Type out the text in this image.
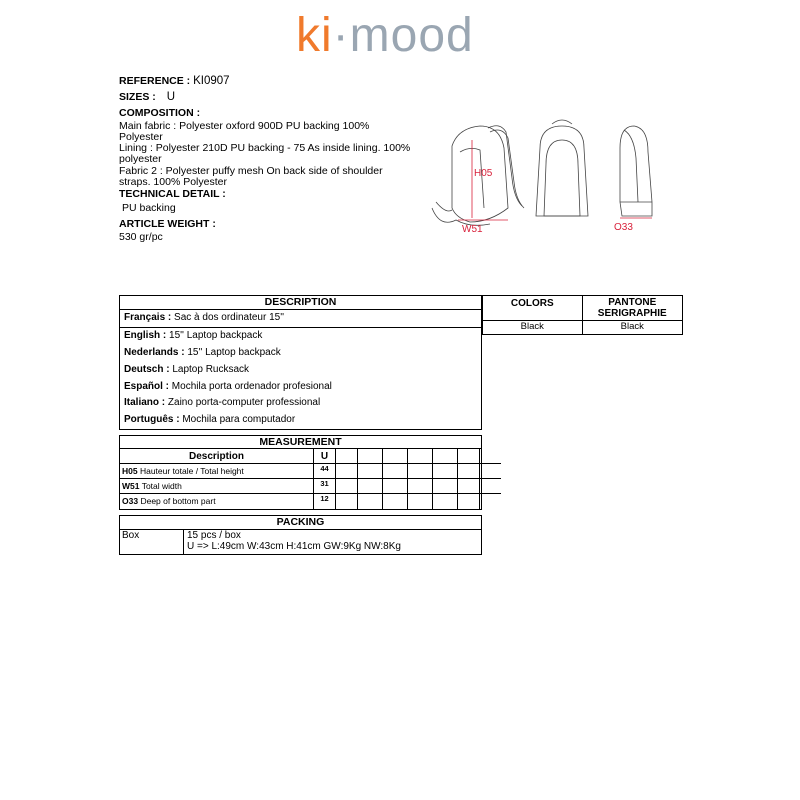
ki·mood
REFERENCE : KI0907
SIZES : U
COMPOSITION :
Main fabric : Polyester oxford 900D PU backing 100%
Polyester
Lining : Polyester 210D PU backing - 75 As inside lining. 100%
polyester
Fabric 2 : Polyester puffy mesh On back side of shoulder
straps. 100% Polyester
TECHNICAL DETAIL :
PU backing
ARTICLE WEIGHT :
530 gr/pc
H05
W51	O33
DESCRIPTION
Français : Sac à dos ordinateur 15''
English : 15'' Laptop backpack
Nederlands : 15'' Laptop backpack
Deutsch : Laptop Rucksack
Español : Mochila porta ordenador profesional
Italiano : Zaino porta-computer professional
Português : Mochila para computador
COLORS	PANTONE
SERIGRAPHIE
Black	Black
MEASUREMENT
Description	U
H05 Hauteur totale / Total height	44
W51 Total width	31
O33 Deep of bottom part	12
PACKING
Box	15 pcs / box
U => L:49cm W:43cm H:41cm GW:9Kg NW:8Kg
